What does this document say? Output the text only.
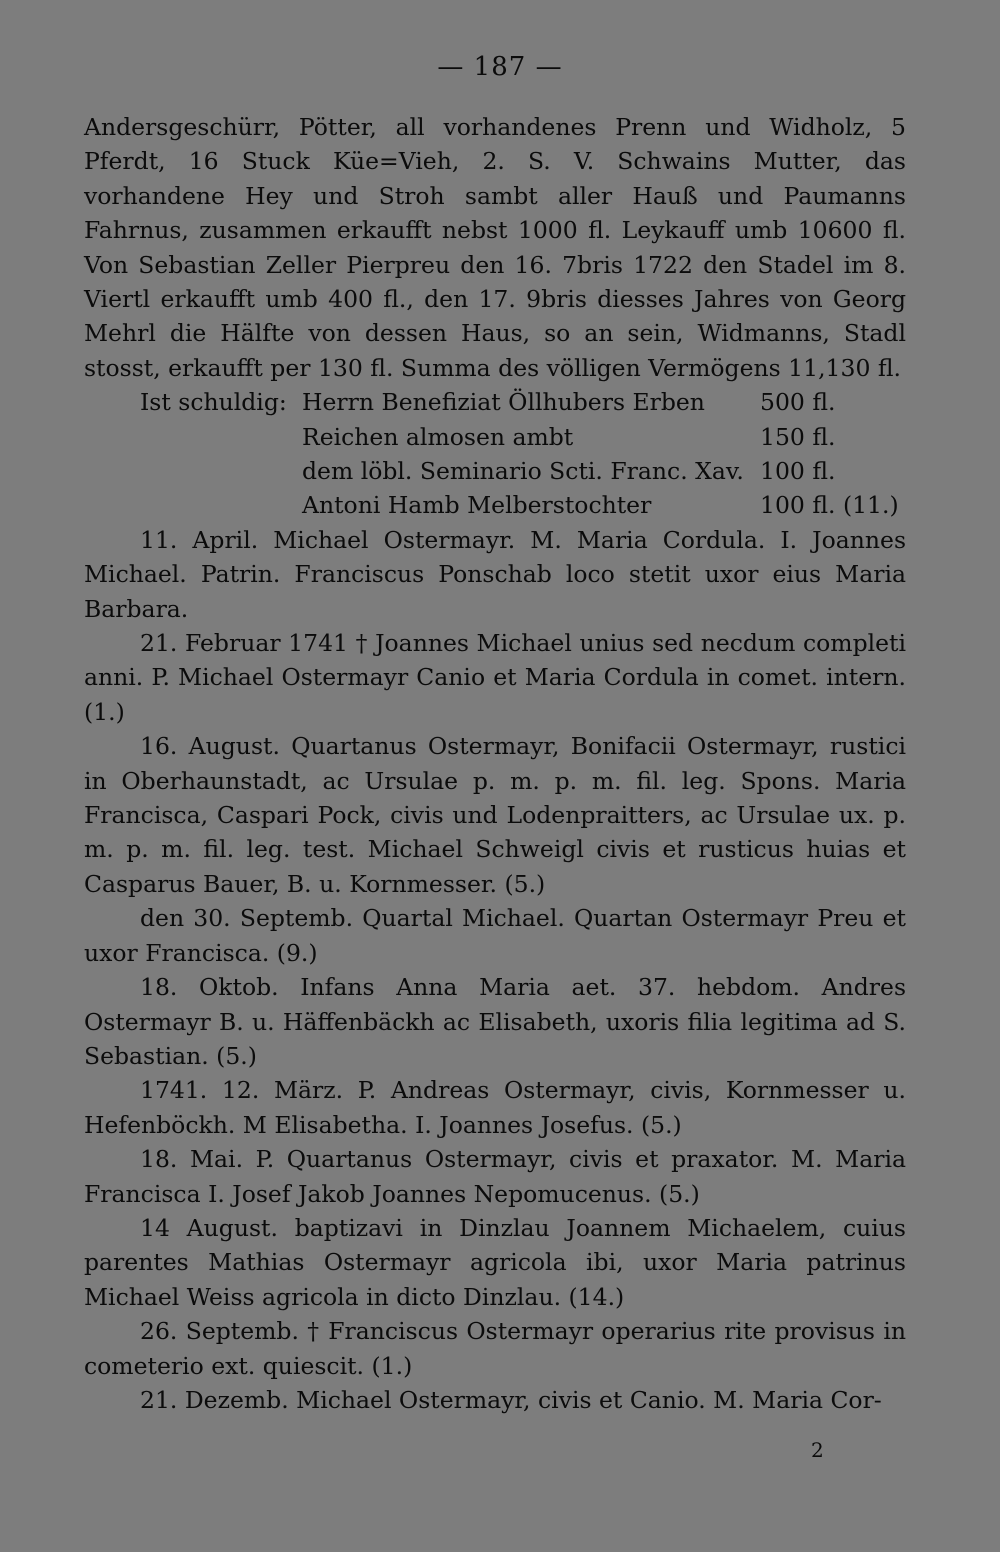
— 187 —

Andersgeschürr, Pötter, all vorhandenes Prenn und Widholz, 5 Pferdt, 16 Stuck Küe=Vieh, 2. S. V. Schwains Mutter, das vorhandene Hey und Stroh sambt aller Hauß und Paumanns Fahrnus, zusammen erkaufft nebst 1000 fl. Leykauff umb 10600 fl. Von Sebastian Zeller Pierpreu den 16. 7bris 1722 den Stadel im 8. Viertl erkaufft umb 400 fl., den 17. 9bris diesses Jahres von Georg Mehrl die Hälfte von dessen Haus, so an sein, Widmanns, Stadl stosst, erkaufft per 130 fl. Summa des völligen Vermögens 11,130 fl.

Ist schuldig: Herrn Benefiziat Öllhubers Erben	500 fl.
Reichen almosen ambt	150 fl.
dem löbl. Seminario Scti. Franc. Xav. 100 fl.
Antoni Hamb Melberstochter	100 fl. (11.)

11. April. Michael Ostermayr. M. Maria Cordula. I. Joannes Michael. Patrin. Franciscus Ponschab loco stetit uxor eius Maria Barbara.

21. Februar 1741 † Joannes Michael unius sed necdum completi anni. P. Michael Ostermayr Canio et Maria Cordula in comet. intern. (1.)

16. August. Quartanus Ostermayr, Bonifacii Ostermayr, rustici in Oberhaunstadt, ac Ursulae p. m. p. m. fil. leg. Spons. Maria Francisca, Caspari Pock, civis und Lodenpraitters, ac Ursulae ux. p. m. p. m. fil. leg. test. Michael Schweigl civis et rusticus huias et Casparus Bauer, B. u. Kornmesser. (5.)

den 30. Septemb. Quartal Michael. Quartan Ostermayr Preu et uxor Francisca. (9.)

18. Oktob. Infans Anna Maria aet. 37. hebdom. Andres Ostermayr B. u. Häffenbäckh ac Elisabeth, uxoris filia legitima ad S. Sebastian. (5.)

1741. 12. März. P. Andreas Ostermayr, civis, Kornmesser u. Hefenböckh. M Elisabetha. I. Joannes Josefus. (5.)

18. Mai. P. Quartanus Ostermayr, civis et praxator. M. Maria Francisca I. Josef Jakob Joannes Nepomucenus. (5.)

14 August. baptizavi in Dinzlau Joannem Michaelem, cuius parentes Mathias Ostermayr agricola ibi, uxor Maria patrinus Michael Weiss agricola in dicto Dinzlau. (14.)

26. Septemb. † Franciscus Ostermayr operarius rite provisus in cometerio ext. quiescit. (1.)

21. Dezemb. Michael Ostermayr, civis et Canio. M. Maria Cor-

2
